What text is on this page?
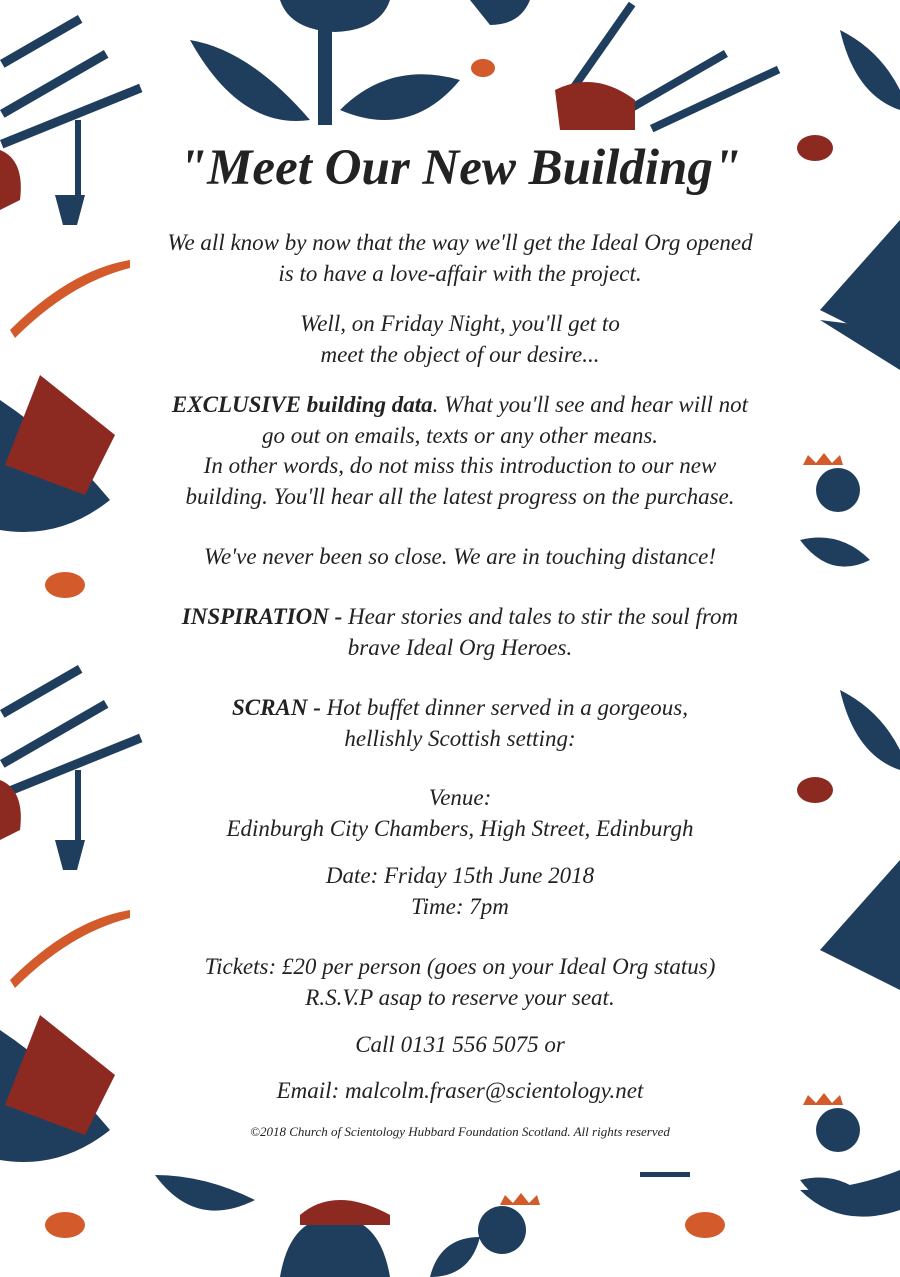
"Meet Our New Building"
We all know by now that the way we'll get the Ideal Org opened
is to have a love-affair with the project.
Well, on Friday Night, you'll get to
meet the object of our desire...
EXCLUSIVE building data. What you'll see and hear will not
go out on emails, texts or any other means.
In other words, do not miss this introduction to our new
building. You'll hear all the latest progress on the purchase.
We've never been so close. We are in touching distance!
INSPIRATION - Hear stories and tales to stir the soul from
brave Ideal Org Heroes.
SCRAN - Hot buffet dinner served in a gorgeous,
hellishly Scottish setting:
Venue:
Edinburgh City Chambers, High Street, Edinburgh
Date: Friday 15th June 2018
Time: 7pm
Tickets: £20 per person (goes on your Ideal Org status)
R.S.V.P asap to reserve your seat.
Call 0131 556 5075 or
Email: malcolm.fraser@scientology.net
©2018 Church of Scientology Hubbard Foundation Scotland. All rights reserved
